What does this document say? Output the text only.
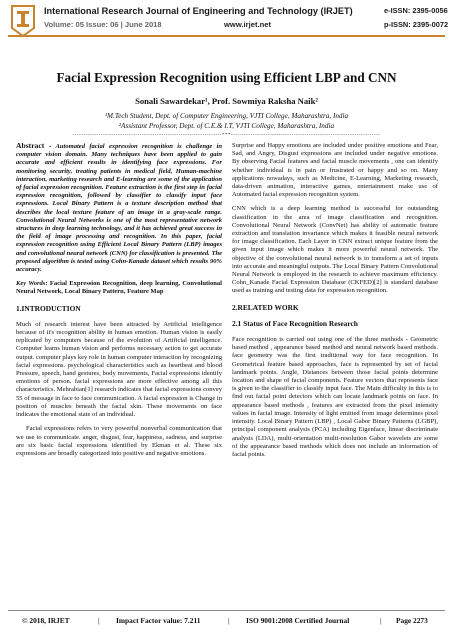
International Research Journal of Engineering and Technology (IRJET)
Volume: 05 Issue: 06 | June 2018	www.irjet.net
e-ISSN: 2395-0056
p-ISSN: 2395-0072
Facial Expression Recognition using Efficient LBP and CNN
Sonali Sawardekar¹, Prof. Sowmiya Raksha Naik²
¹M.Tech Student, Dept. of Computer Engineering, VJTI College, Maharashtra, India
²Assistant Professor, Dept. of C.E.& I.T, VJTI College, Maharashtra, India
---------------------------------------------------------------------***---------------------------------------------------------------------

Abstract - Automated facial expression recognition is challenge in computer vision domain. Many techniques have been applied to gain accurate and efficient results in identifying face expressions. For monitoring security, treating patients in medical field, Human-machine interaction, marketing research and E-learning are some of the application of facial expression recognition. Feature extraction is the first step in facial expression recognition, followed by classifier to classify input face expressions. Local Binary Pattern is a texture description method that describes the local texture feature of an image in a gray-scale range. Convolutional Neural Networks is one of the most representative network structures in deep learning technology, and it has achieved great success in the field of image processing and recognition. In this paper, facial expression recognition using Efficient Local Binary Pattern (LBP) images and convolutional neural network (CNN) for classification is presented. The proposed algorithm is tested using Cohn-Kanade dataset which results 90% accuracy.

Key Words: Facial Expression Recognition, deep learning, Convolutional Neural Network, Local Binary Pattern, Feature Map

1.INTRODUCTION

Much of research interest have been attracted by Artificial intelligence because of it's recognition ability in human emotion. Human vision is easily replicated by computers because of the evolution of Artificial intelligence. Computer learns human vision and performs necessary action to get accurate output. computer plays key role in human computer interaction by recognizing facial expressions. psychological characteristics such as heartbeat and blood Pressure, speech, hand gestures, body movements, Facial expressions identify emotions of person. facial expressions are more effective among all this characteristics. Mehrabian[1] research indicates that facial expressions convey 55 of message in face to face communication. A facial expression is Change in position of muscles beneath the facial skin. These movements on face indicates the emotional state of an individual.

Facial expressions refers to very powerful nonverbal communication that we use to communicate. anger, disgust, fear, happiness, sadness, and surprise are six basic facial expressions identified by Ekman et al. These six expressions are broadly categorized into positive and negative emotions.

Surprise and Happy emotions are included under positive emotions and Fear, Sad, and Angry, Disgust expressions are included under negative emotions. By observing Facial features and facial muscle movements , one can identify whether individual is in pain or frustrated or happy and so on. Many applications nowadays, such as Medicine, E-Learning, Marketing research, data-driven animation, interactive games, entertainment make use of Automated facial expression recognition system.

CNN which is a deep learning method is successful for outstanding classification in the area of image classification and recognition. Convolutional Neural Network (ConvNet) has ability of automatic feature extraction and translation invariance which makes it feasible neural network for image classification. Each Layer in CNN extract unique feature from the given input image which makes it more powerful neural network. The objective of the convolutional neural network is to transform a set of inputs into accurate and meaningful outputs. The Local Binary Pattern Convolutional Neural Network is employed in the research to achieve maximum efficiency. Cohn_Kanade Facial Expression Database (CKFED)[2] is standard database used as training and testing data for expression recognition.

2.RELATED WORK
2.1 Status of Face Recognition Research

Face recognition is carried out using one of the three methods - Geometric based method , appearance based method and neural network based methods. face geometry was the first traditional way for face recognition. In Geometrical feature based approaches, face is represented by set of facial landmark points. Angle, Distances between those facial points determine location and shape of facial components. Feature vectors that represents face is given to the classifier to classify input face. The Main difficulty in this is to find out facial point detectors which can locate landmark points on face. In appearance based methods , features are extracted from the pixel intensity values in facial image. Intensity of light emitted from image determines pixel intensity. Local Binary Pattern (LBP) , Local Gabor Binary Patterns (LGBP), principal component analysis (PCA) including Eigenface, linear discriminate analysis (LDA), multi-orientation multi-resolution Gabor wavelets are some of the appearance based methods which does not include an information of facial points.

© 2018, IRJET	| Impact Factor value: 7.211	| ISO 9001:2008 Certified Journal	| Page 2273
